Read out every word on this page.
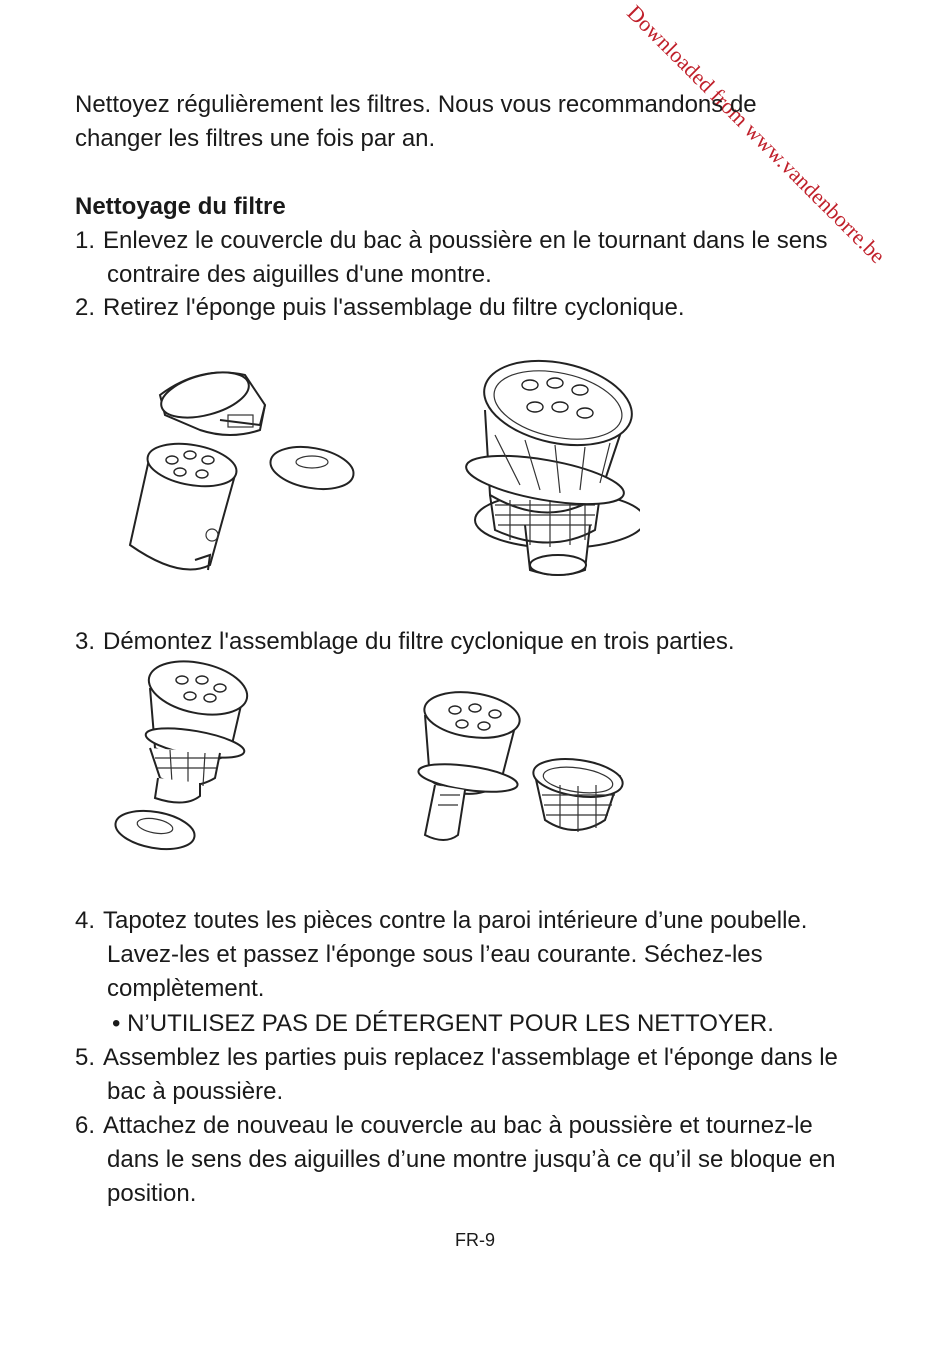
Downloaded from www.vandenborre.be
Nettoyez régulièrement les filtres. Nous vous recommandons de
changer les filtres une fois par an.
Nettoyage du filtre
1. Enlevez le couvercle du bac à poussière en le tournant dans le sens
contraire des aiguilles d'une montre.
2. Retirez l'éponge puis l'assemblage du filtre cyclonique.
3. Démontez l'assemblage du filtre cyclonique en trois parties.
4. Tapotez toutes les pièces contre la paroi intérieure d’une poubelle.
Lavez-les et passez l'éponge sous l’eau courante. Séchez-les
complètement.
• N’UTILISEZ PAS DE DÉTERGENT POUR LES NETTOYER.
5. Assemblez les parties puis replacez l'assemblage et l'éponge dans le
bac à poussière.
6. Attachez de nouveau le couvercle au bac à poussière et tournez-le
dans le sens des aiguilles d’une montre jusqu’à ce qu’il se bloque en
position.
FR-9
